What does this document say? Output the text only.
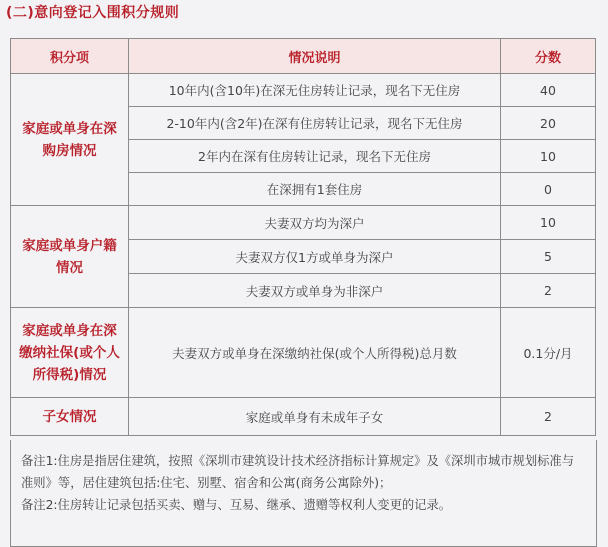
(二)意向登记入围积分规则
积分项	情况说明	分数

家庭或单身在深购房情况	10年内(含10年)在深无住房转让记录，现名下无住房	40
	2-10年内(含2年)在深有住房转让记录，现名下无住房	20
	2年内在深有住房转让记录，现名下无住房	10
	在深拥有1套住房	0

家庭或单身户籍情况	夫妻双方均为深户	10
	夫妻双方仅1方或单身为深户	5
	夫妻双方或单身为非深户	2

家庭或单身在深缴纳社保(或个人所得税)情况	夫妻双方或单身在深缴纳社保(或个人所得税)总月数	0.1分/月
子女情况	家庭或单身有未成年子女	2

备注1:住房是指居住建筑，按照《深圳市建筑设计技术经济指标计算规定》及《深圳市城市规划标准与准则》等，居住建筑包括:住宅、别墅、宿舍和公寓(商务公寓除外)；

备注2:住房转让记录包括买卖、赠与、互易、继承、遗赠等权利人变更的记录。
